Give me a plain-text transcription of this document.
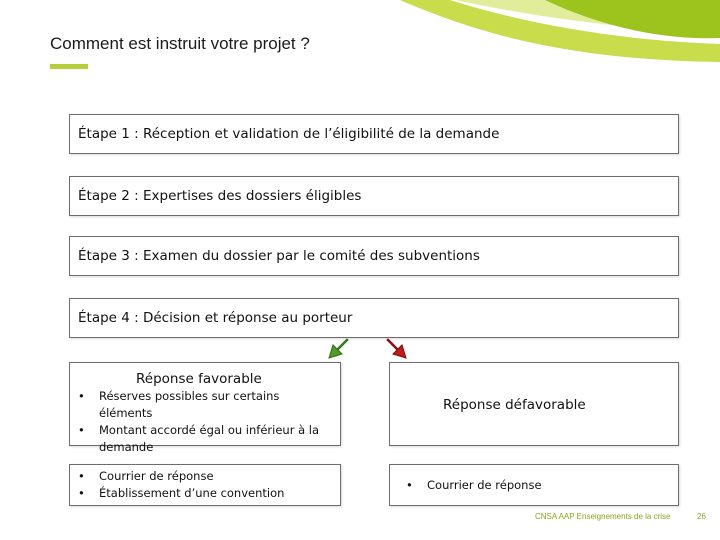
Comment est instruit votre projet ?
Étape 1 : Réception et validation de l’éligibilité de la demande
Étape 2 : Expertises des dossiers éligibles
Étape 3 : Examen du dossier par le comité des subventions
Étape 4 : Décision et réponse au porteur
Réponse favorable
• Réserves possibles sur certains éléments
• Montant accordé égal ou inférieur à la demande
• Courrier de réponse
• Établissement d’une convention
Réponse défavorable
• Courrier de réponse
CNSA AAP Enseignements de la crise	26
